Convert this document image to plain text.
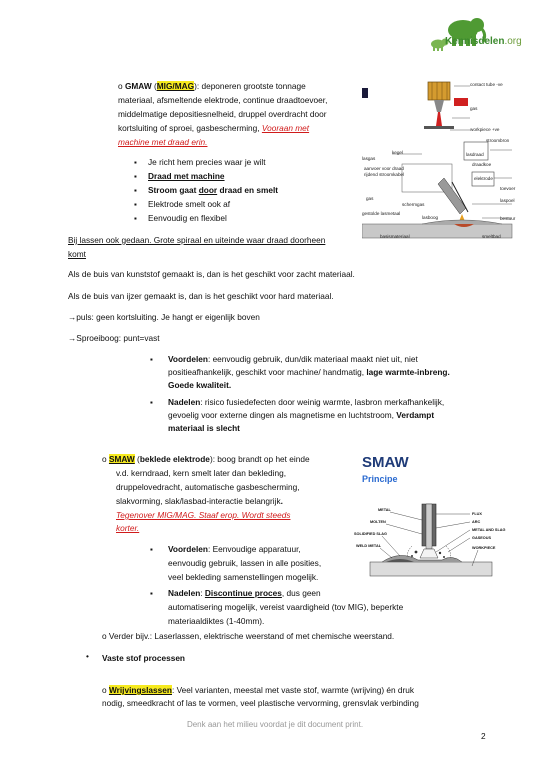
Kennisdelen.org
o GMAW (MIG/MAG): deponeren grootste tonnage
materiaal, afsmeltende elektrode, continue draadtoevoer,
middelmatige depositiesnelheid, druppel overdracht door
kortsluiting of sproei, gasbescherming, Vooraan met
machine met draad erin.
▪ Je richt hem precies waar je wilt
▪ Draad met machine
▪ Stroom gaat door draad en smelt
▪ Elektrode smelt ook af
▪ Eenvoudig en flexibel
contact tube -ve
gas
workpiece +ve
stroombron
kegel	lasdraad
draadkoe
lasgas
aanvoer voor draad
rijdend stroomkabel
elektrode
gas
schermgas
toevoer
laspoel
gestolde lasmetaal
bestuur
smeltbad
lasboog
basismateriaal
Bij lassen ook gedaan. Grote spiraal en uiteinde waar draad doorheen
komt
Als de buis van kunststof gemaakt is, dan is het geschikt voor zacht materiaal.
Als de buis van ijzer gemaakt is, dan is het geschikt voor hard materiaal.
→puls: geen kortsluiting. Je hangt er eigenlijk boven
→Sproeiboog: punt=vast
▪ Voordelen: eenvoudig gebruik, dun/dik materiaal maakt niet uit, niet
positieafhankelijk, geschikt voor machine/ handmatig, lage warmte-inbreng.
Goede kwaliteit.
▪ Nadelen: risico fusiedefecten door weinig warmte, lasbron merkafhankelijk,
gevoelig voor externe dingen als magnetisme en luchtstroom, Verdampt
materiaal is slecht
o SMAW (beklede elektrode): boog brandt op het einde
v.d. kerndraad, kern smelt later dan bekleding,
druppelovedracht, automatische gasbescherming,
slakvorming, slak/lasbad-interactie belangrijk.
Tegenover MIG/MAG. Staaf erop. Wordt steeds
korter.
▪ Voordelen: Eenvoudige apparatuur,
eenvoudig gebruik, lassen in alle posities,
veel bekleding samenstellingen mogelijk.
▪ Nadelen: Discontinue proces, dus geen
automatisering mogelijk, vereist vaardigheid (tov MIG), beperkte
materiaaldiktes (1-40mm).
SMAW
Principe
METAL
MOLTEN
SOLIDIFIED SLAG
WELD METAL
FLUX
ARC
METAL AND SLAG
GASEOUS
WORKPIECE
o Verder bijv.: Laserlassen, elektrische weerstand of met chemische weerstand.
• Vaste stof processen
o Wrijvingslassen: Veel varianten, meestal met vaste stof, warmte (wrijving) én druk
nodig, smeedkracht of las te vormen, veel plastische vervorming, grensvlak verbinding
Denk aan het milieu voordat je dit document print.
2
